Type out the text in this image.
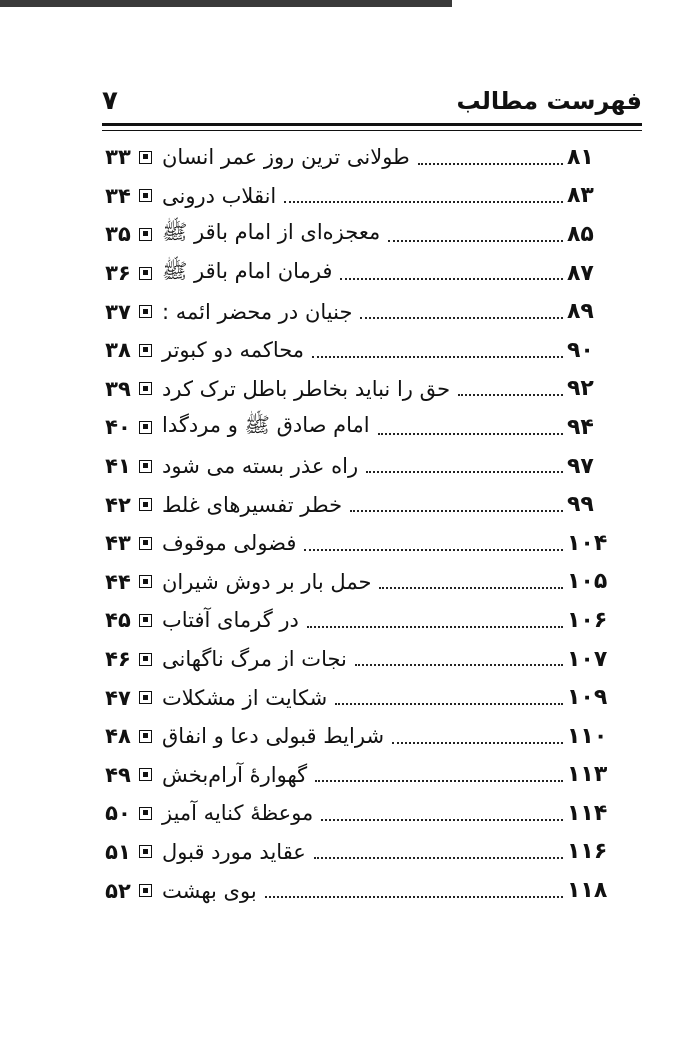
فهرست مطالب
۷
۳۳ طولانی ترین روز عمر انسان	۸۱
۳۴ انقلاب درونی	۸۳
۳۵ معجزه‌ای از امام باقر ﷺ	۸۵
۳۶ فرمان امام باقر ﷺ	۸۷
۳۷ جنیان در محضر ائمه :	۸۹
۳۸ محاکمه دو کبوتر	۹۰
۳۹ حق را نباید بخاطر باطل ترک کرد	۹۲
۴۰ امام صادق ﷺ و مردگدا	۹۴
۴۱ راه عذر بسته می شود	۹۷
۴۲ خطر تفسیرهای غلط	۹۹
۴۳ فضولی موقوف	۱۰۴
۴۴ حمل بار بر دوش شیران	۱۰۵
۴۵ در گرمای آفتاب	۱۰۶
۴۶ نجات از مرگ ناگهانی	۱۰۷
۴۷ شکایت از مشکلات	۱۰۹
۴۸ شرایط قبولی دعا و انفاق	۱۱۰
۴۹ گهوارهٔ آرام‌بخش	۱۱۳
۵۰ موعظهٔ کنایه آمیز	۱۱۴
۵۱ عقاید مورد قبول	۱۱۶
۵۲ بوی بهشت	۱۱۸
